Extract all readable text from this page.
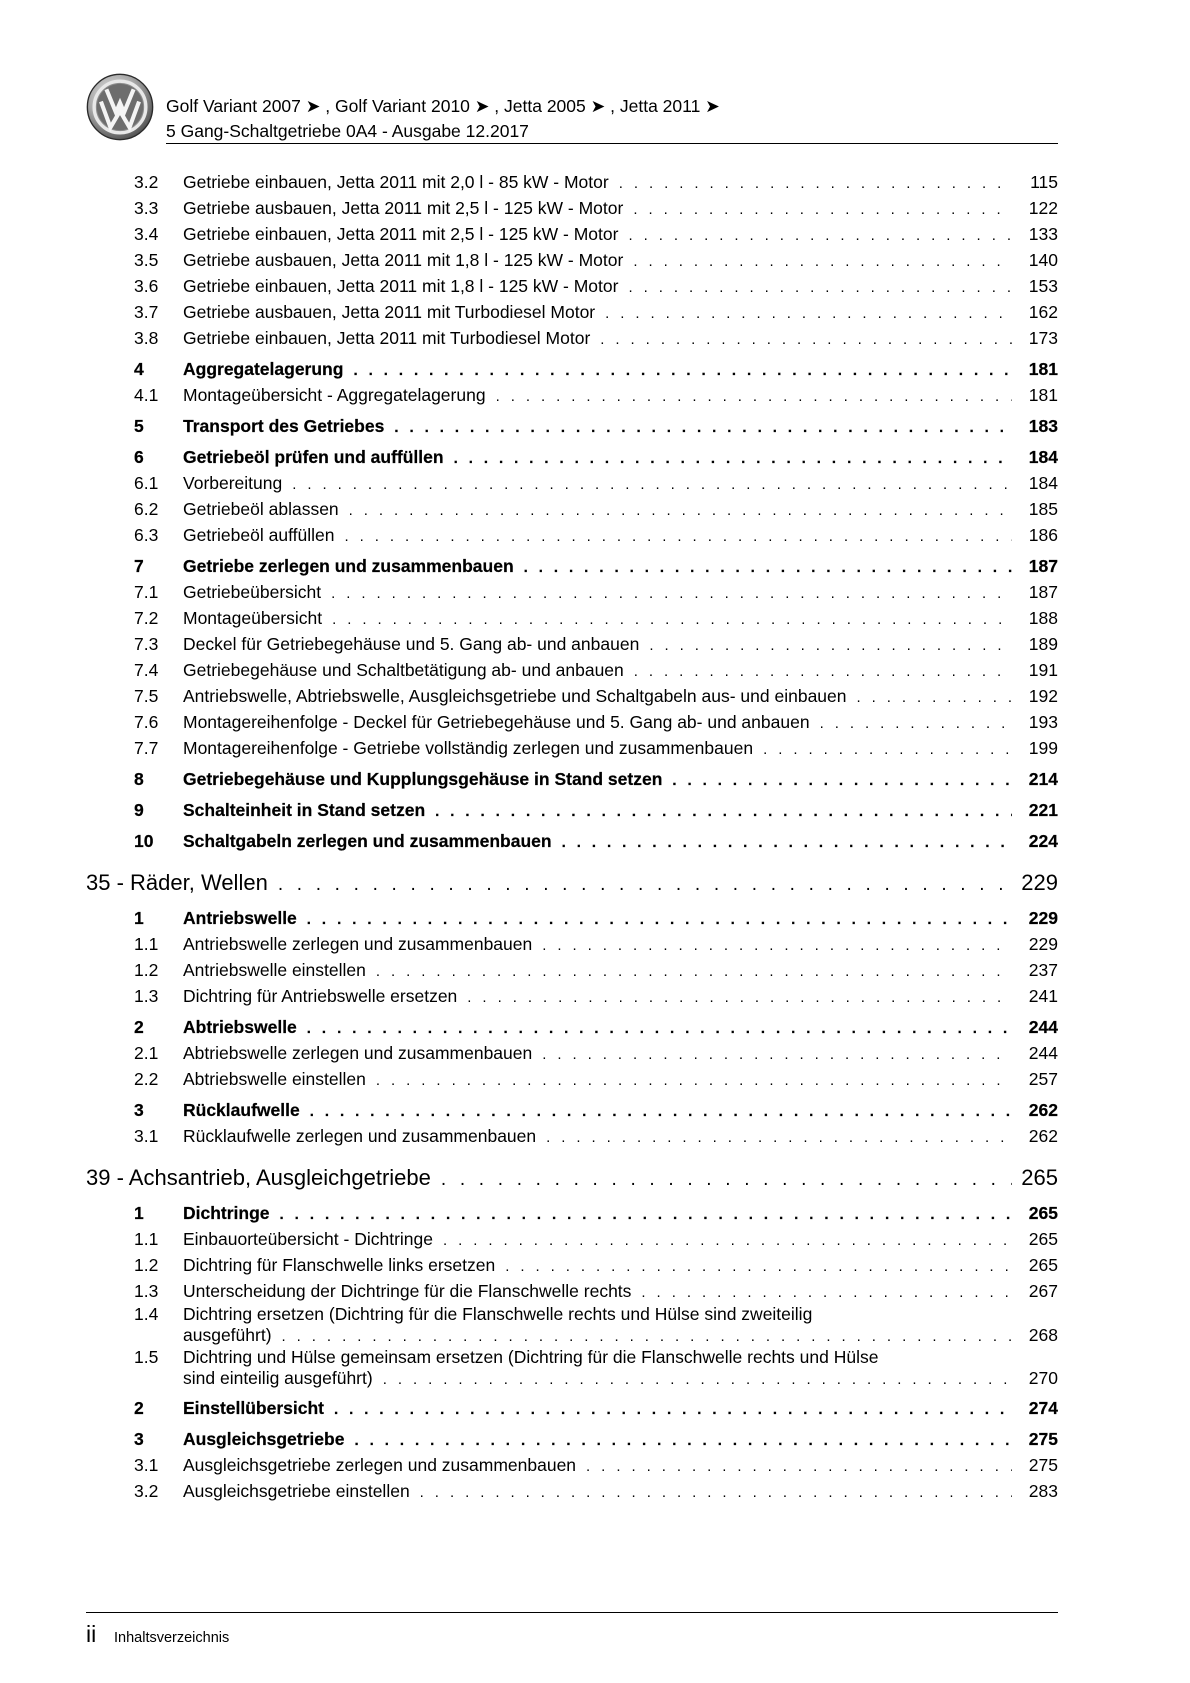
Golf Variant 2007 ➤ , Golf Variant 2010 ➤ , Jetta 2005 ➤ , Jetta 2011 ➤
5 Gang-Schaltgetriebe 0A4 - Ausgabe 12.2017
3.2	Getriebe einbauen, Jetta 2011 mit 2,0 l - 85 kW - Motor . . .	115
3.3	Getriebe ausbauen, Jetta 2011 mit 2,5 l - 125 kW - Motor . . .	122
3.4	Getriebe einbauen, Jetta 2011 mit 2,5 l - 125 kW - Motor . . .	133
3.5	Getriebe ausbauen, Jetta 2011 mit 1,8 l - 125 kW - Motor . . .	140
3.6	Getriebe einbauen, Jetta 2011 mit 1,8 l - 125 kW - Motor . . .	153
3.7	Getriebe ausbauen, Jetta 2011 mit Turbodiesel Motor . . .	162
3.8	Getriebe einbauen, Jetta 2011 mit Turbodiesel Motor . . .	173
4	Aggregatelagerung . . .	181
4.1	Montageübersicht - Aggregatelagerung . . .	181
5	Transport des Getriebes . . .	183
6	Getriebeöl prüfen und auffüllen . . .	184
6.1	Vorbereitung . . .	184
6.2	Getriebeöl ablassen . . .	185
6.3	Getriebeöl auffüllen . . .	186
7	Getriebe zerlegen und zusammenbauen . . .	187
7.1	Getriebeübersicht . . .	187
7.2	Montageübersicht . . .	188
7.3	Deckel für Getriebegehäuse und 5. Gang ab- und anbauen . . .	189
7.4	Getriebegehäuse und Schaltbetätigung ab- und anbauen . . .	191
7.5	Antriebswelle, Abtriebswelle, Ausgleichsgetriebe und Schaltgabeln aus- und einbauen . . .	192
7.6	Montagereihenfolge - Deckel für Getriebegehäuse und 5. Gang ab- und anbauen . . .	193
7.7	Montagereihenfolge - Getriebe vollständig zerlegen und zusammenbauen . . .	199
8	Getriebegehäuse und Kupplungsgehäuse in Stand setzen . . .	214
9	Schalteinheit in Stand setzen . . .	221
10	Schaltgabeln zerlegen und zusammenbauen . . .	224
35 - Räder, Wellen . . .	229
1	Antriebswelle . . .	229
1.1	Antriebswelle zerlegen und zusammenbauen . . .	229
1.2	Antriebswelle einstellen . . .	237
1.3	Dichtring für Antriebswelle ersetzen . . .	241
2	Abtriebswelle . . .	244
2.1	Abtriebswelle zerlegen und zusammenbauen . . .	244
2.2	Abtriebswelle einstellen . . .	257
3	Rücklaufwelle . . .	262
3.1	Rücklaufwelle zerlegen und zusammenbauen . . .	262
39 - Achsantrieb, Ausgleichgetriebe . . .	265
1	Dichtringe . . .	265
1.1	Einbauorteübersicht - Dichtringe . . .	265
1.2	Dichtring für Flanschwelle links ersetzen . . .	265
1.3	Unterscheidung der Dichtringe für die Flanschwelle rechts . . .	267
1.4	Dichtring ersetzen (Dichtring für die Flanschwelle rechts und Hülse sind zweiteilig
ausgeführt) . . .	268
1.5	Dichtring und Hülse gemeinsam ersetzen (Dichtring für die Flanschwelle rechts und Hülse
sind einteilig ausgeführt) . . .	270
2	Einstellübersicht . . .	274
3	Ausgleichsgetriebe . . .	275
3.1	Ausgleichsgetriebe zerlegen und zusammenbauen . . .	275
3.2	Ausgleichsgetriebe einstellen . . .	283
ii Inhaltsverzeichnis
